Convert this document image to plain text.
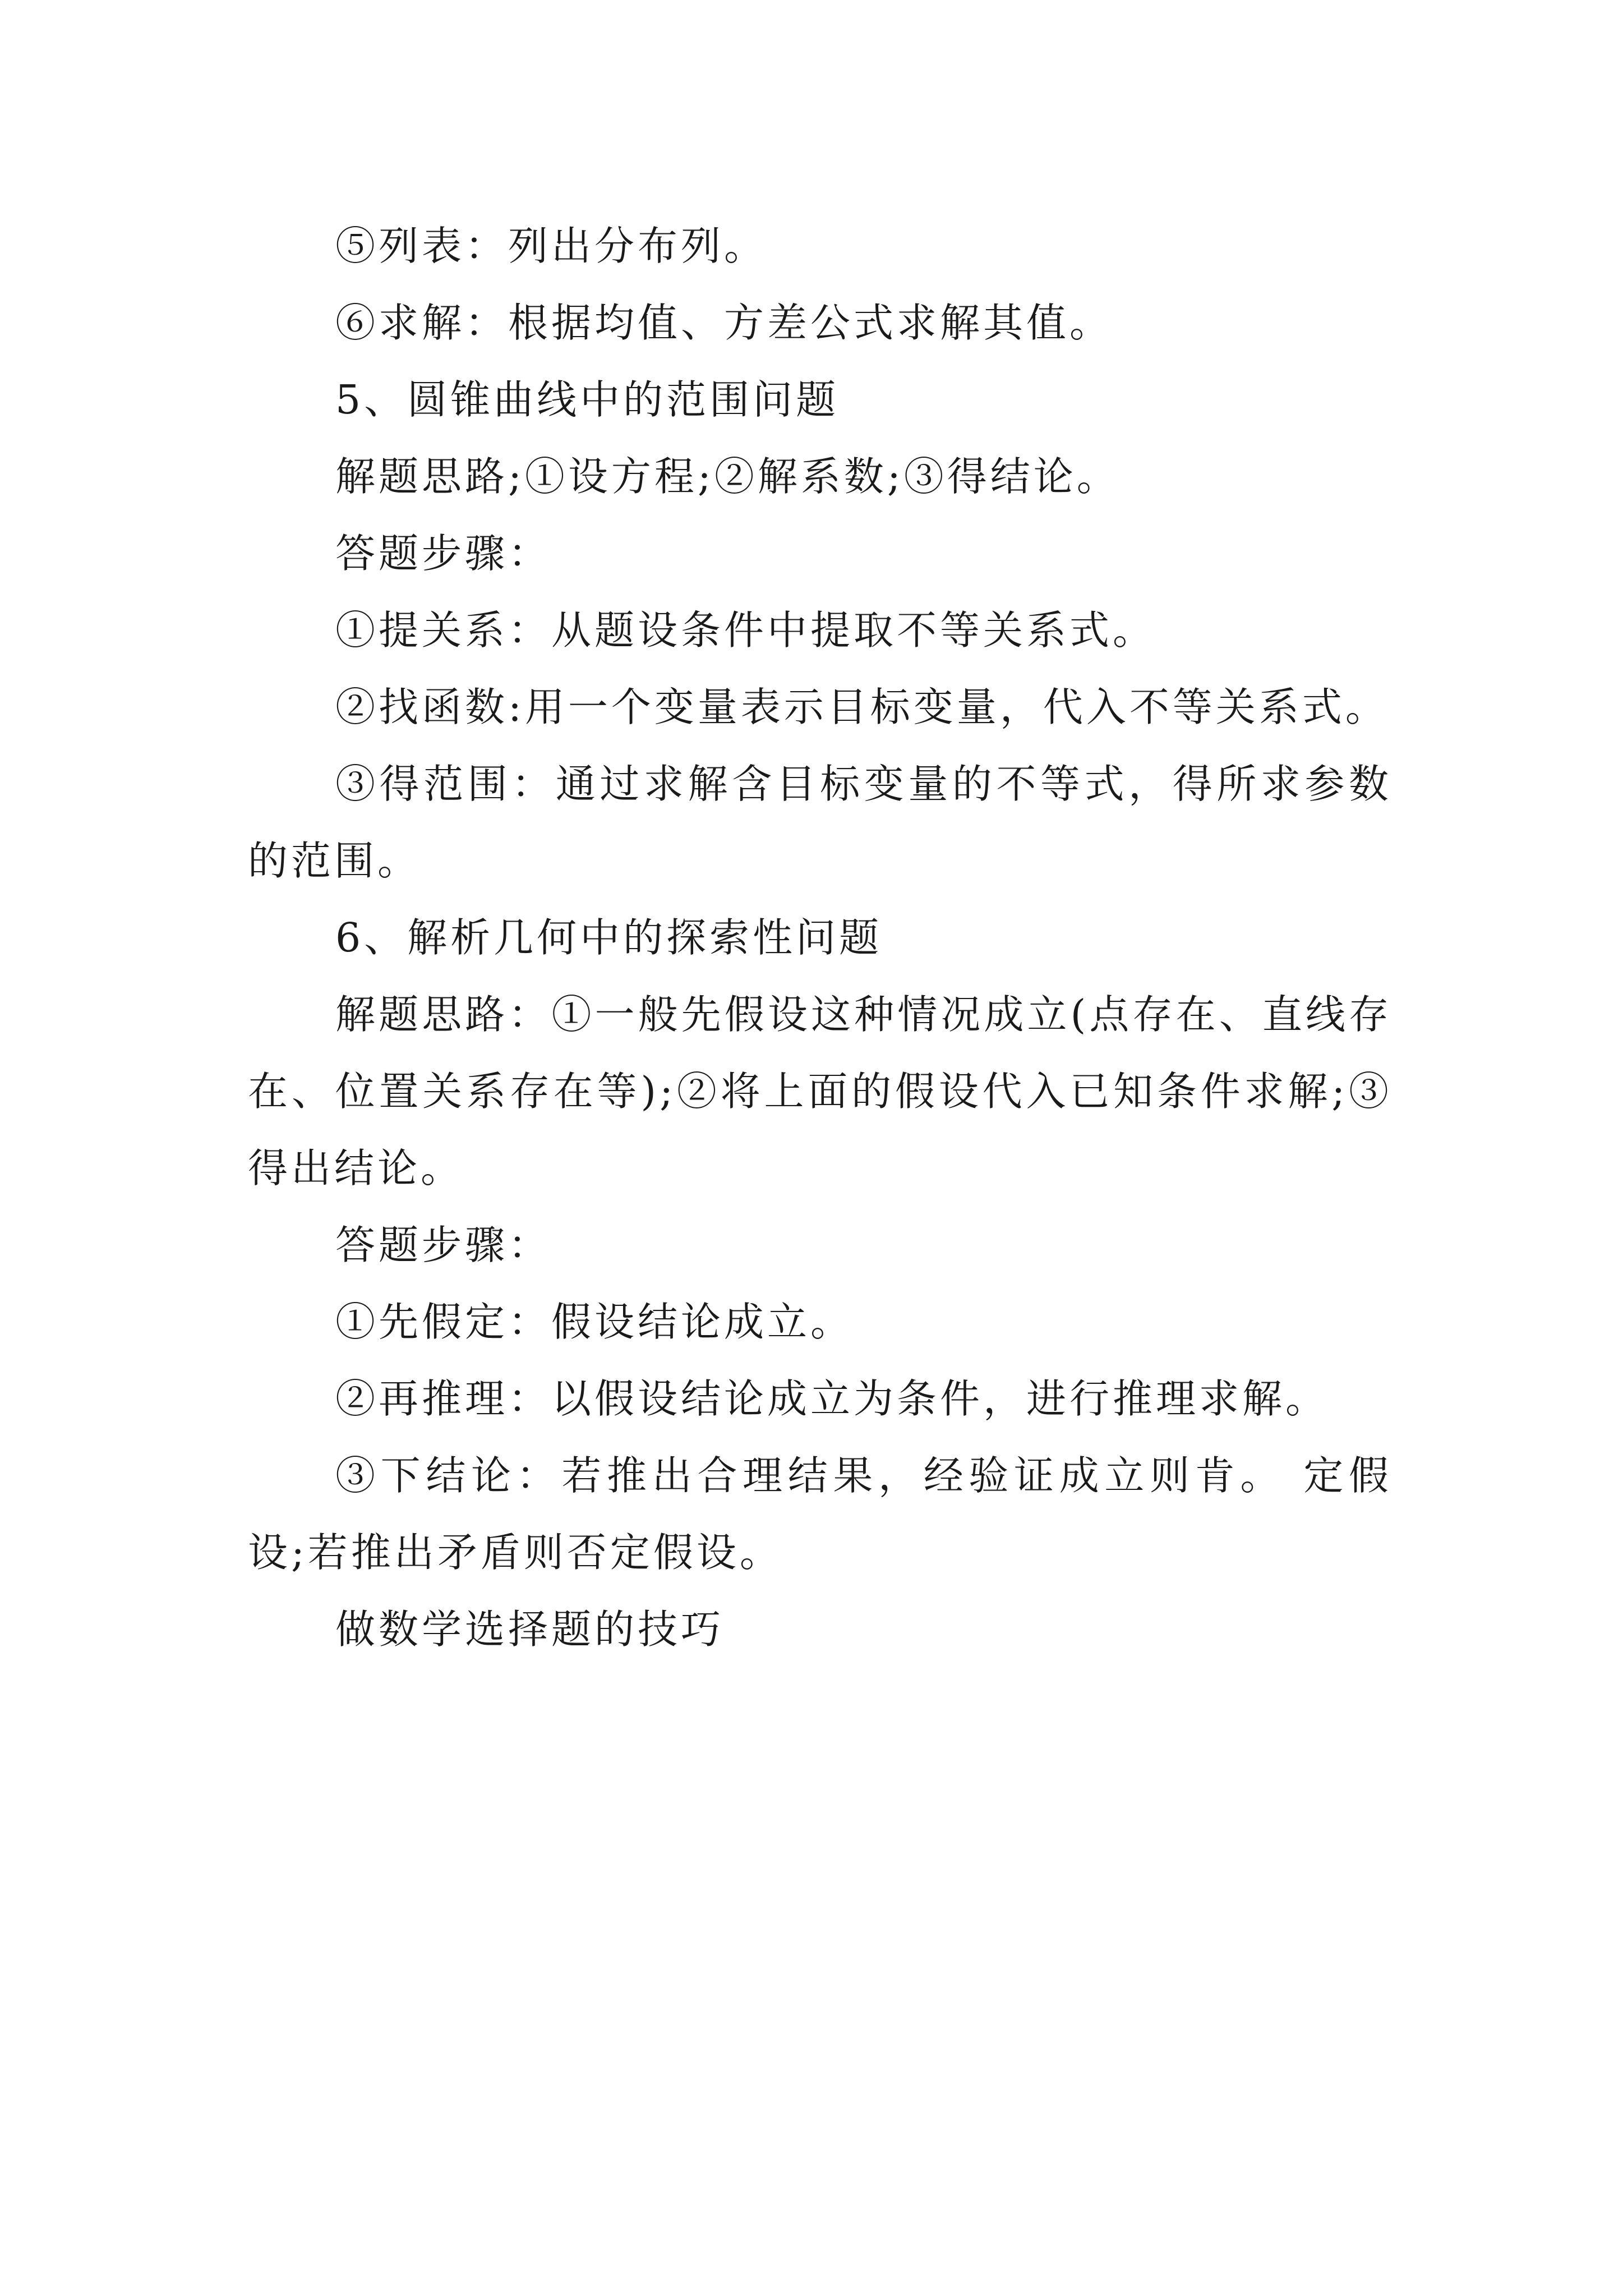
⑤列表：列出分布列。

⑥求解：根据均值、方差公式求解其值。

5、圆锥曲线中的范围问题

解题思路;①设方程;②解系数;③得结论。

答题步骤：

①提关系：从题设条件中提取不等关系式。

②找函数:用一个变量表示目标变量，代入不等关系式。

③得范围：通过求解含目标变量的不等式，得所求参数的范围。

6、解析几何中的探索性问题

解题思路：①一般先假设这种情况成立(点存在、直线存在、位置关系存在等);②将上面的假设代入已知条件求解;③得出结论。

答题步骤：

①先假定：假设结论成立。

②再推理：以假设结论成立为条件，进行推理求解。

③下结论：若推出合理结果，经验证成立则肯。 定假设;若推出矛盾则否定假设。

做数学选择题的技巧
